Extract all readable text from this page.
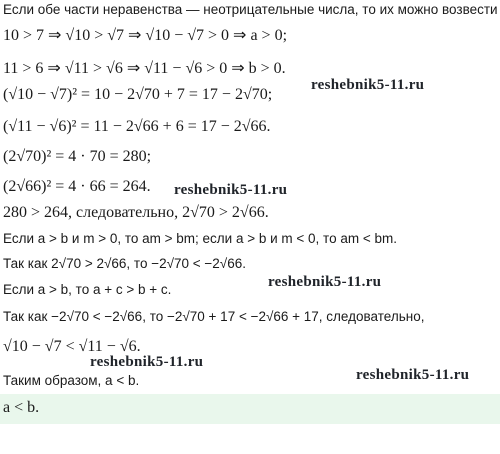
Если обе части неравенства — неотрицательные числа, то их можно возвести
10 > 7 ⇒ √10 > √7 ⇒ √10 − √7 > 0 ⇒ a > 0;
11 > 6 ⇒ √11 > √6 ⇒ √11 − √6 > 0 ⇒ b > 0.
(√10 − √7)² = 10 − 2√70 + 7 = 17 − 2√70;
(√11 − √6)² = 11 − 2√66 + 6 = 17 − 2√66.
(2√70)² = 4 · 70 = 280;
(2√66)² = 4 · 66 = 264.
280 > 264, следовательно, 2√70 > 2√66.
Если a > b и m > 0, то am > bm; если a > b и m < 0, то am < bm.
Так как 2√70 > 2√66, то −2√70 < −2√66.
Если a > b, то a + c > b + c.
Так как −2√70 < −2√66, то −2√70 + 17 < −2√66 + 17, следовательно,
√10 − √7 < √11 − √6.
Таким образом, a < b.
a < b.
reshebnik5-11.ru
reshebnik5-11.ru
reshebnik5-11.ru
reshebnik5-11.ru
reshebnik5-11.ru
